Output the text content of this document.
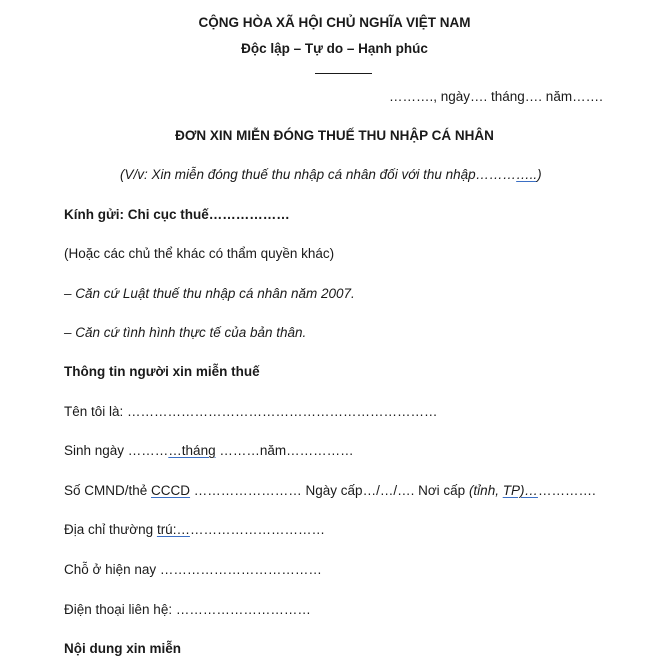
CỘNG HÒA XÃ HỘI CHỦ NGHĨA VIỆT NAM
Độc lập – Tự do – Hạnh phúc
………., ngày…. tháng…. năm…….
ĐƠN XIN MIỄN ĐÓNG THUẾ THU NHẬP CÁ NHÂN
(V/v: Xin miễn đóng thuế thu nhập cá nhân đối với thu nhập…………..)
Kính gửi: Chi cục thuế………………
(Hoặc các chủ thể khác có thẩm quyền khác)
– Căn cứ Luật thuế thu nhập cá nhân năm 2007.
– Căn cứ tình hình thực tế của bản thân.
Thông tin người xin miễn thuế
Tên tôi là: ……………………………………………………………
Sinh ngày …………tháng ………năm……………
Số CMND/thẻ CCCD …………………… Ngày cấp…/…/…. Nơi cấp (tỉnh, TP)…………….
Địa chỉ thường trú:……………………………
Chỗ ở hiện nay ………………………………
Điện thoại liên hệ: …………………………
Nội dung xin miễn
